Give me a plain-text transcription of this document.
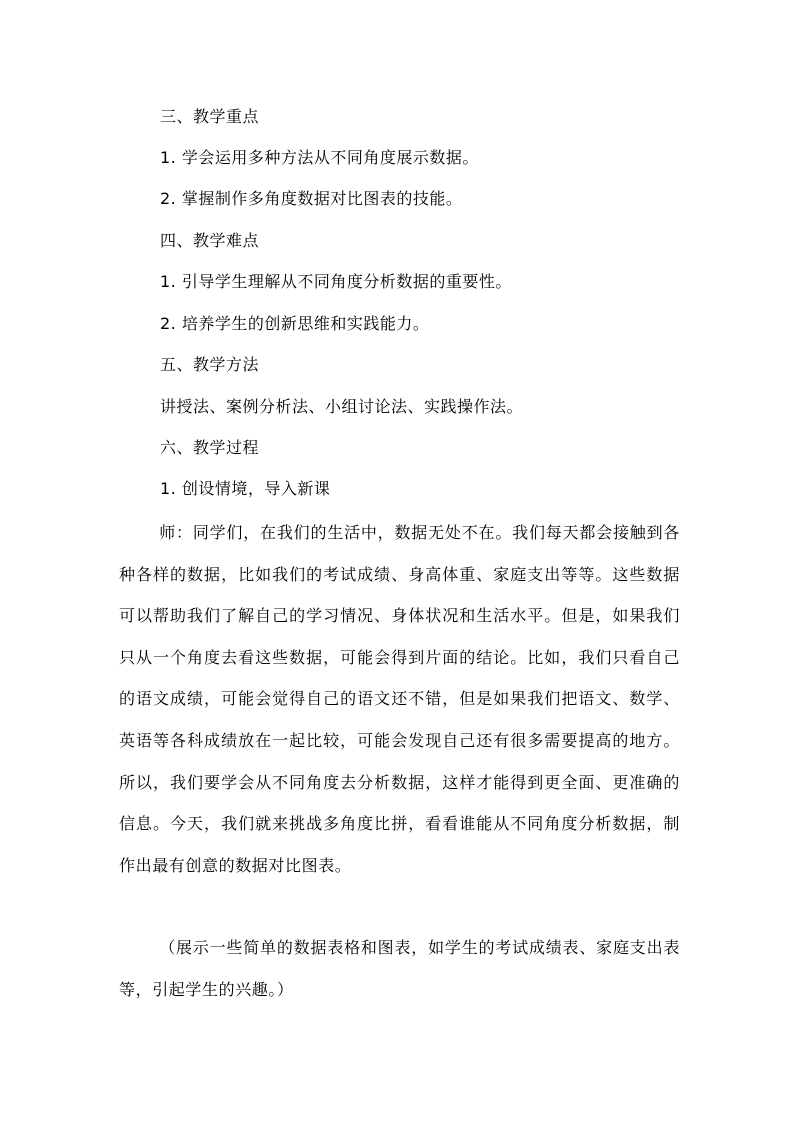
三、教学重点
1. 学会运用多种方法从不同角度展示数据。
2. 掌握制作多角度数据对比图表的技能。
四、教学难点
1. 引导学生理解从不同角度分析数据的重要性。
2. 培养学生的创新思维和实践能力。
五、教学方法
讲授法、案例分析法、小组讨论法、实践操作法。
六、教学过程
1. 创设情境，导入新课
师：同学们，在我们的生活中，数据无处不在。我们每天都会接触到各种各样的数据，比如我们的考试成绩、身高体重、家庭支出等等。这些数据可以帮助我们了解自己的学习情况、身体状况和生活水平。但是，如果我们只从一个角度去看这些数据，可能会得到片面的结论。比如，我们只看自己的语文成绩，可能会觉得自己的语文还不错，但是如果我们把语文、数学、英语等各科成绩放在一起比较，可能会发现自己还有很多需要提高的地方。所以，我们要学会从不同角度去分析数据，这样才能得到更全面、更准确的信息。今天，我们就来挑战多角度比拼，看看谁能从不同角度分析数据，制作出最有创意的数据对比图表。
（展示一些简单的数据表格和图表，如学生的考试成绩表、家庭支出表等，引起学生的兴趣。）
